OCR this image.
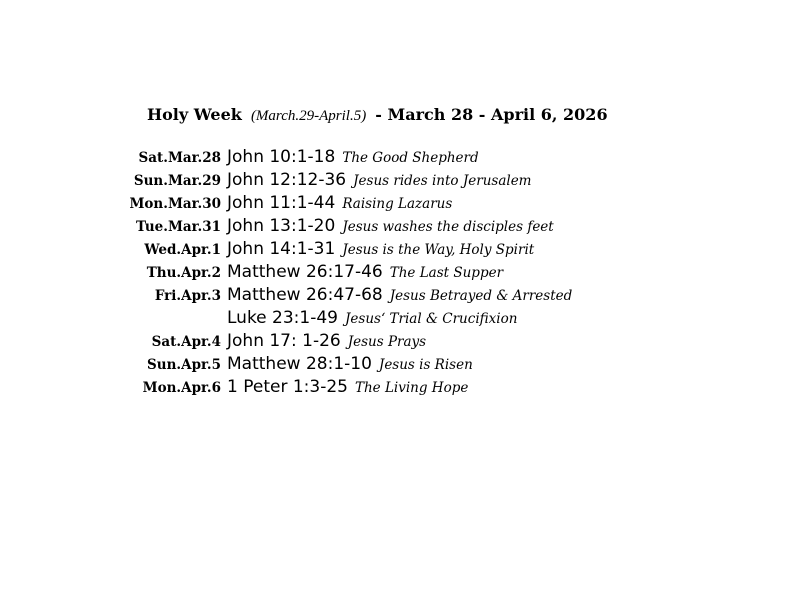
Holy Week (March.29-April.5) - March 28 - April 6, 2026
Sat.Mar.28 John 10:1-18 The Good Shepherd
Sun.Mar.29 John 12:12-36 Jesus rides into Jerusalem
Mon.Mar.30 John 11:1-44 Raising Lazarus
Tue.Mar.31 John 13:1-20 Jesus washes the disciples feet
Wed.Apr.1 John 14:1-31 Jesus is the Way, Holy Spirit
Thu.Apr.2 Matthew 26:17-46 The Last Supper
Fri.Apr.3 Matthew 26:47-68 Jesus Betrayed & Arrested
Luke 23:1-49 Jesus‘ Trial & Crucifixion
Sat.Apr.4 John 17: 1-26 Jesus Prays
Sun.Apr.5 Matthew 28:1-10 Jesus is Risen
Mon.Apr.6 1 Peter 1:3-25 The Living Hope
